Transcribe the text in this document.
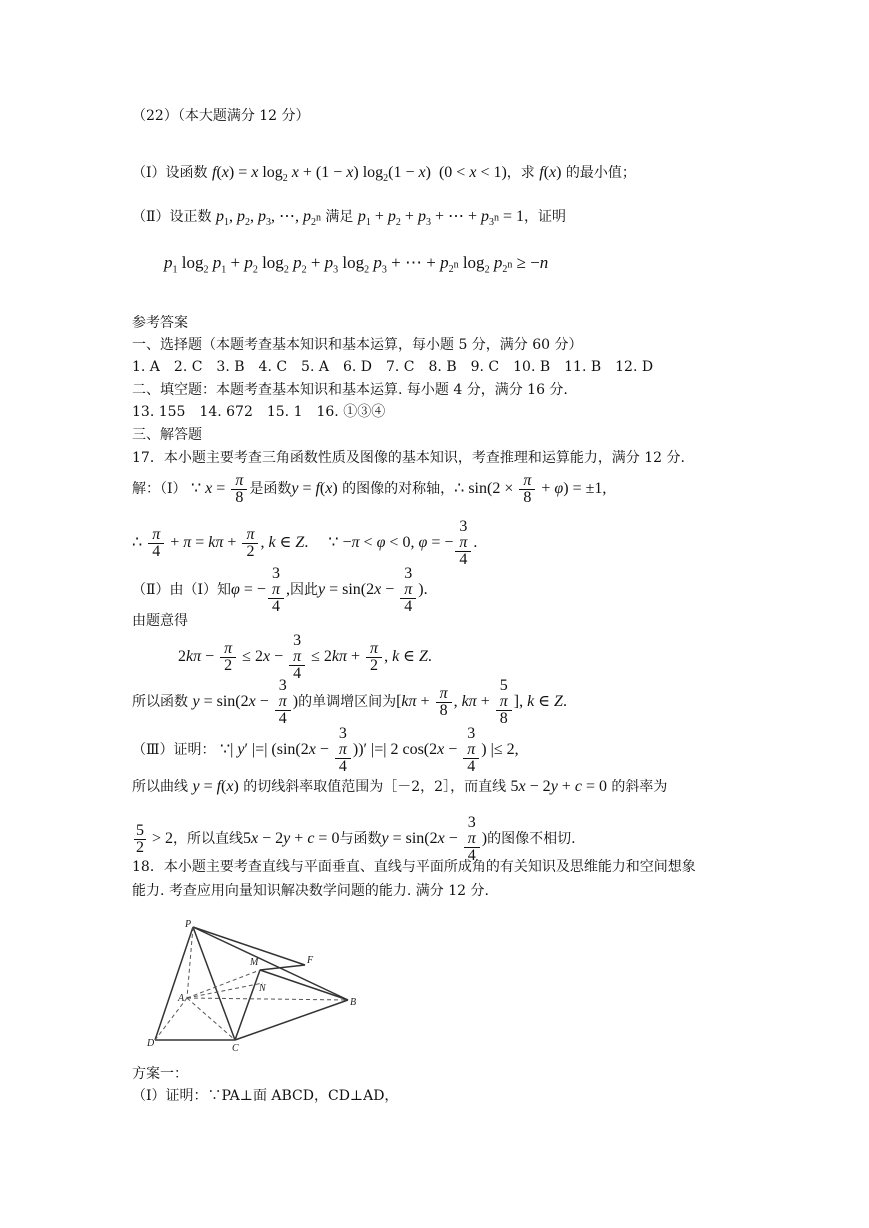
（22）（本大题满分 12 分）
（Ⅰ）设函数 f(x) = x $\log_2 x + (1 - x) \log_2(1 - x) (0 < x < 1)$，求 f(x) 的最小值；
（Ⅱ）设正数 $p_1$, $p_2$, $p_3$, ⋯, $p_{2^n}$ 满足 $p_1 + p_2 + p_3$ + ⋯ + $p_{3^n} = 1$，证明
$p_1$ $\log_2 p_1 + p_2$ $\log_2 p_2 + p_3$ $\log_2 p_3$ + ⋯ + $p_{2^n}$ $\log_2 p_{2^n} \ge -n$
参考答案
一、选择题（本题考查基本知识和基本运算，每小题 5 分，满分 60 分）
1. A　2. C　3. B　4. C　5. A　6. D　7. C　8. B　9. C　10. B　11. B　12. D
二、填空题：本题考查基本知识和基本运算. 每小题 4 分，满分 16 分.
13. 155　14. 672　15. 1　16. ①③④
三、解答题
17．本小题主要考查三角函数性质及图像的基本知识，考查推理和运算能力，满分 12 分.
解：（Ⅰ） ∵ $x = \frac{\pi}{8}$ 是函数y = f(x) 的图像的对称轴，∴ $\sin(2 \times \frac{\pi}{8} + \varphi) = \pm 1$,
∴ $\frac{\pi}{4} + \pi = k\pi + \frac{\pi}{2}$ , k ∈ Z.     ∵ −π < φ < 0, φ = − 3
π
4 .
（Ⅱ）由（Ⅰ）知φ = − 3
π
4 ,因此y = sin(2x − 3
π
4 ).
由题意得
$2k\pi - \frac{\pi}{2} \le 2x - 3$
π
$4 \le 2k\pi + \frac{\pi}{2}$ , k ∈ Z.
所以函数 y = sin(2x − 3
π
4 )的单调增区间为[$k\pi + \frac{\pi}{8}$ , kπ + 5
π
8 ], k ∈ Z.
（Ⅲ）证明： ∵| y′ |=| (sin(2x − 3
π
4 ))′ |=| 2 cos(2x − 3
π
4 ) |≤ 2,
所以曲线 y = f(x) 的切线斜率取值范围为［－2，2］，而直线 5x − 2y + c = 0 的斜率为
$\frac{5}{2} > 2$，所以直线5x − 2y + c = 0与函数y = sin(2x − 3
π
4 )的图像不相切.
18．本小题主要考查直线与平面垂直、直线与平面所成角的有关知识及思维能力和空间想象
能力. 考查应用向量知识解决数学问题的能力. 满分 12 分.
P
M	F
N
A	B
C
D
方案一：
（Ⅰ）证明：∵PA⊥面 ABCD，CD⊥AD，
